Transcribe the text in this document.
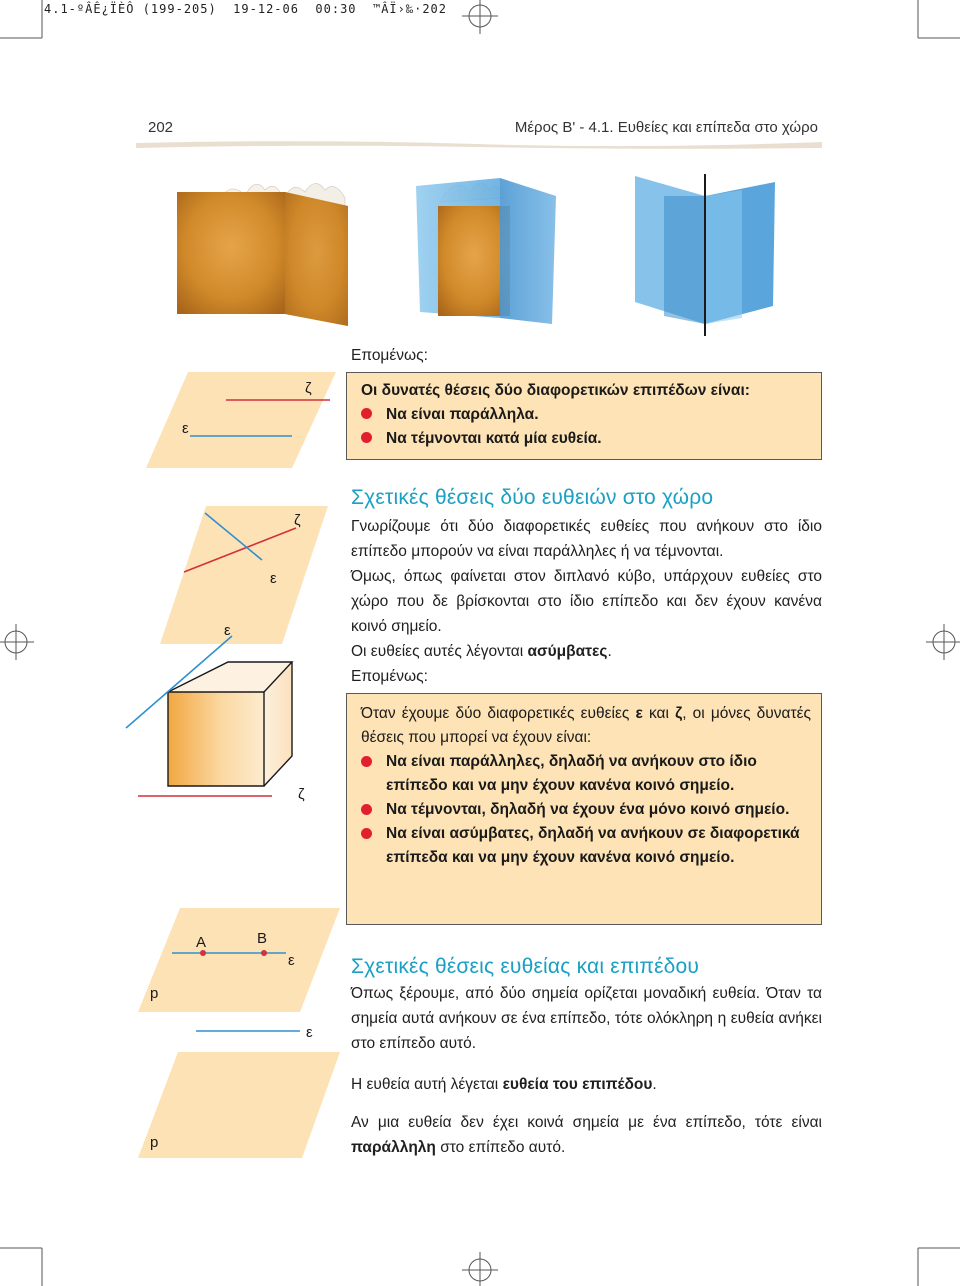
4.1-ºÂÊ¿ÏÈÔ (199-205)  19-12-06  00:30  ™ÂÏ›‰·202
202	Μέρος Β' - 4.1. Ευθείες και επίπεδα στο χώρο
ζ
ε
ζ
ε
ε
ζ
Α	Β
ε
p
ε
p
Επομένως:
Οι δυνατές θέσεις δύο διαφορετικών επιπέδων είναι:
Να είναι παράλληλα.
Να τέμνονται κατά μία ευθεία.
Σχετικές θέσεις δύο ευθειών στο χώρο
Γνωρίζουμε ότι δύο διαφορετικές ευθείες που ανήκουν στο ίδιο επίπεδο μπορούν να είναι παράλληλες ή να τέμνονται.
Όμως, όπως φαίνεται στον διπλανό κύβο, υπάρχουν ευθείες στο χώρο που δε βρίσκονται στο ίδιο επίπεδο και δεν έχουν κανένα κοινό σημείο.
Οι ευθείες αυτές λέγονται ασύμβατες.
Επομένως:
Όταν έχουμε δύο διαφορετικές ευθείες ε και ζ, οι μόνες δυνατές θέσεις που μπορεί να έχουν είναι:
Να είναι παράλληλες, δηλαδή να ανήκουν στο ίδιο επίπεδο και να μην έχουν κανένα κοινό σημείο.
Να τέμνονται, δηλαδή να έχουν ένα μόνο κοινό σημείο.
Να είναι ασύμβατες, δηλαδή να ανήκουν σε διαφορετικά επίπεδα και να μην έχουν κανένα κοινό σημείο.
Σχετικές θέσεις ευθείας και επιπέδου
Όπως ξέρουμε, από δύο σημεία ορίζεται μοναδική ευθεία. Όταν τα σημεία αυτά ανήκουν σε ένα επίπεδο, τότε ολόκληρη η ευθεία ανήκει στο επίπεδο αυτό.
Η ευθεία αυτή λέγεται ευθεία του επιπέδου.
Αν μια ευθεία δεν έχει κοινά σημεία με ένα επίπεδο, τότε είναι παράλληλη στο επίπεδο αυτό.
